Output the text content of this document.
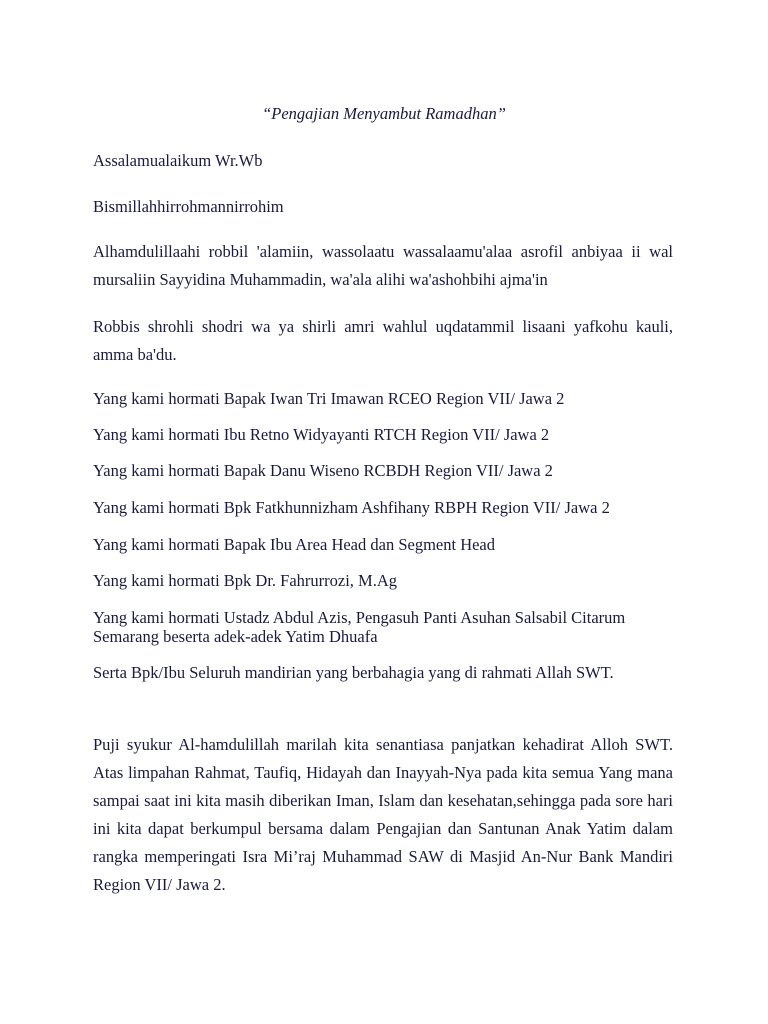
“Pengajian Menyambut Ramadhan”

Assalamualaikum Wr.Wb

Bismillahhirrohmannirrohim

Alhamdulillaahi robbil 'alamiin, wassolaatu wassalaamu'alaa asrofil anbiyaa ii wal mursaliin Sayyidina Muhammadin, wa'ala alihi wa'ashohbihi ajma'in

Robbis shrohli shodri wa ya shirli amri wahlul uqdatammil lisaani yafkohu kauli, amma ba'du.

Yang kami hormati Bapak Iwan Tri Imawan RCEO Region VII/ Jawa 2

Yang kami hormati Ibu Retno Widyayanti RTCH Region VII/ Jawa 2

Yang kami hormati Bapak Danu Wiseno RCBDH Region VII/ Jawa 2

Yang kami hormati Bpk Fatkhunnizham Ashfihany RBPH Region VII/ Jawa 2

Yang kami hormati Bapak Ibu Area Head dan Segment Head

Yang kami hormati Bpk Dr. Fahrurrozi, M.Ag

Yang kami hormati Ustadz Abdul Azis, Pengasuh Panti Asuhan Salsabil Citarum Semarang beserta adek-adek Yatim Dhuafa

Serta Bpk/Ibu Seluruh mandirian yang berbahagia yang di rahmati Allah SWT.

Puji syukur Al-hamdulillah marilah kita senantiasa panjatkan kehadirat Alloh SWT. Atas limpahan Rahmat, Taufiq, Hidayah dan Inayyah-Nya pada kita semua Yang mana sampai saat ini kita masih diberikan Iman, Islam dan kesehatan,sehingga pada sore hari ini kita dapat berkumpul bersama dalam Pengajian dan Santunan Anak Yatim dalam rangka memperingati Isra Mi’raj Muhammad SAW di Masjid An-Nur Bank Mandiri Region VII/ Jawa 2.
